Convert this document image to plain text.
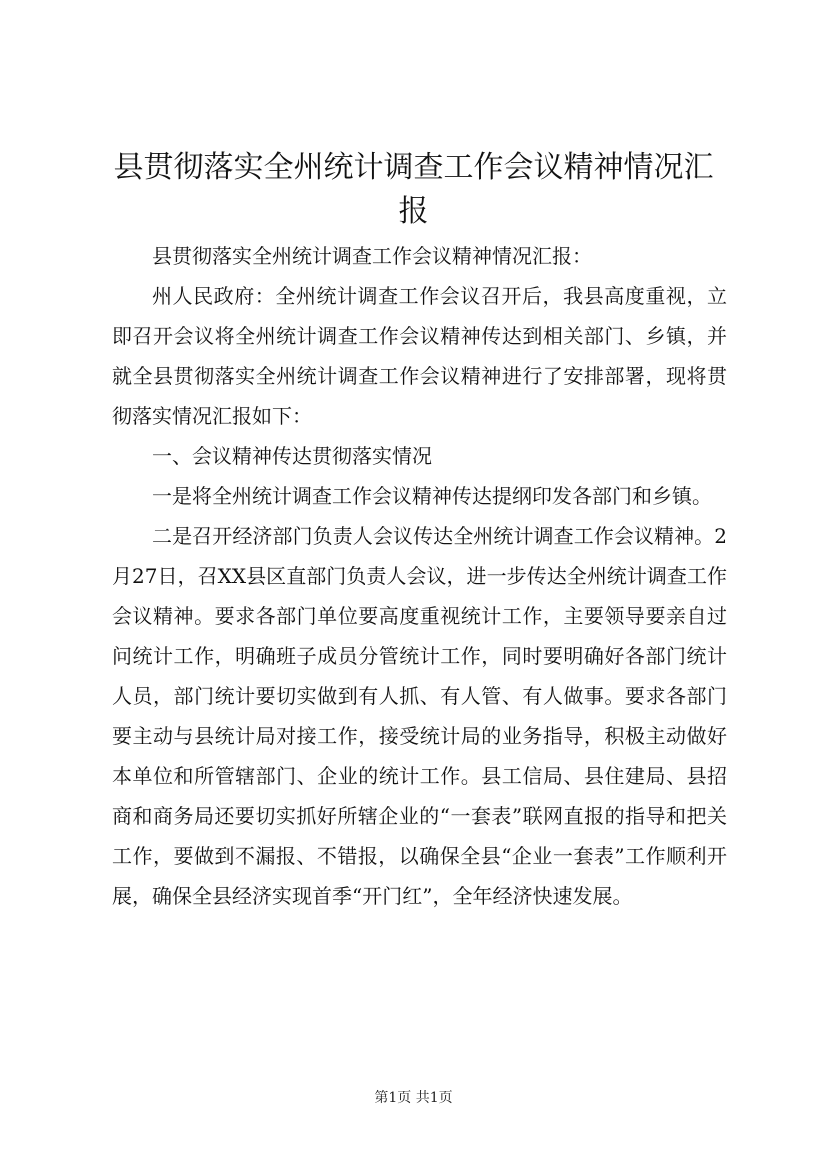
县贯彻落实全州统计调查工作会议精神情况汇报

县贯彻落实全州统计调查工作会议精神情况汇报：

州人民政府：全州统计调查工作会议召开后，我县高度重视，立即召开会议将全州统计调查工作会议精神传达到相关部门、乡镇，并就全县贯彻落实全州统计调查工作会议精神进行了安排部署，现将贯彻落实情况汇报如下：

一、会议精神传达贯彻落实情况

一是将全州统计调查工作会议精神传达提纲印发各部门和乡镇。

二是召开经济部门负责人会议传达全州统计调查工作会议精神。2月27日，召XX县区直部门负责人会议，进一步传达全州统计调查工作会议精神。要求各部门单位要高度重视统计工作，主要领导要亲自过问统计工作，明确班子成员分管统计工作，同时要明确好各部门统计人员，部门统计要切实做到有人抓、有人管、有人做事。要求各部门要主动与县统计局对接工作，接受统计局的业务指导，积极主动做好本单位和所管辖部门、企业的统计工作。县工信局、县住建局、县招商和商务局还要切实抓好所辖企业的“一套表”联网直报的指导和把关工作，要做到不漏报、不错报，以确保全县“企业一套表”工作顺利开展，确保全县经济实现首季“开门红”，全年经济快速发展。

第1页 共1页
